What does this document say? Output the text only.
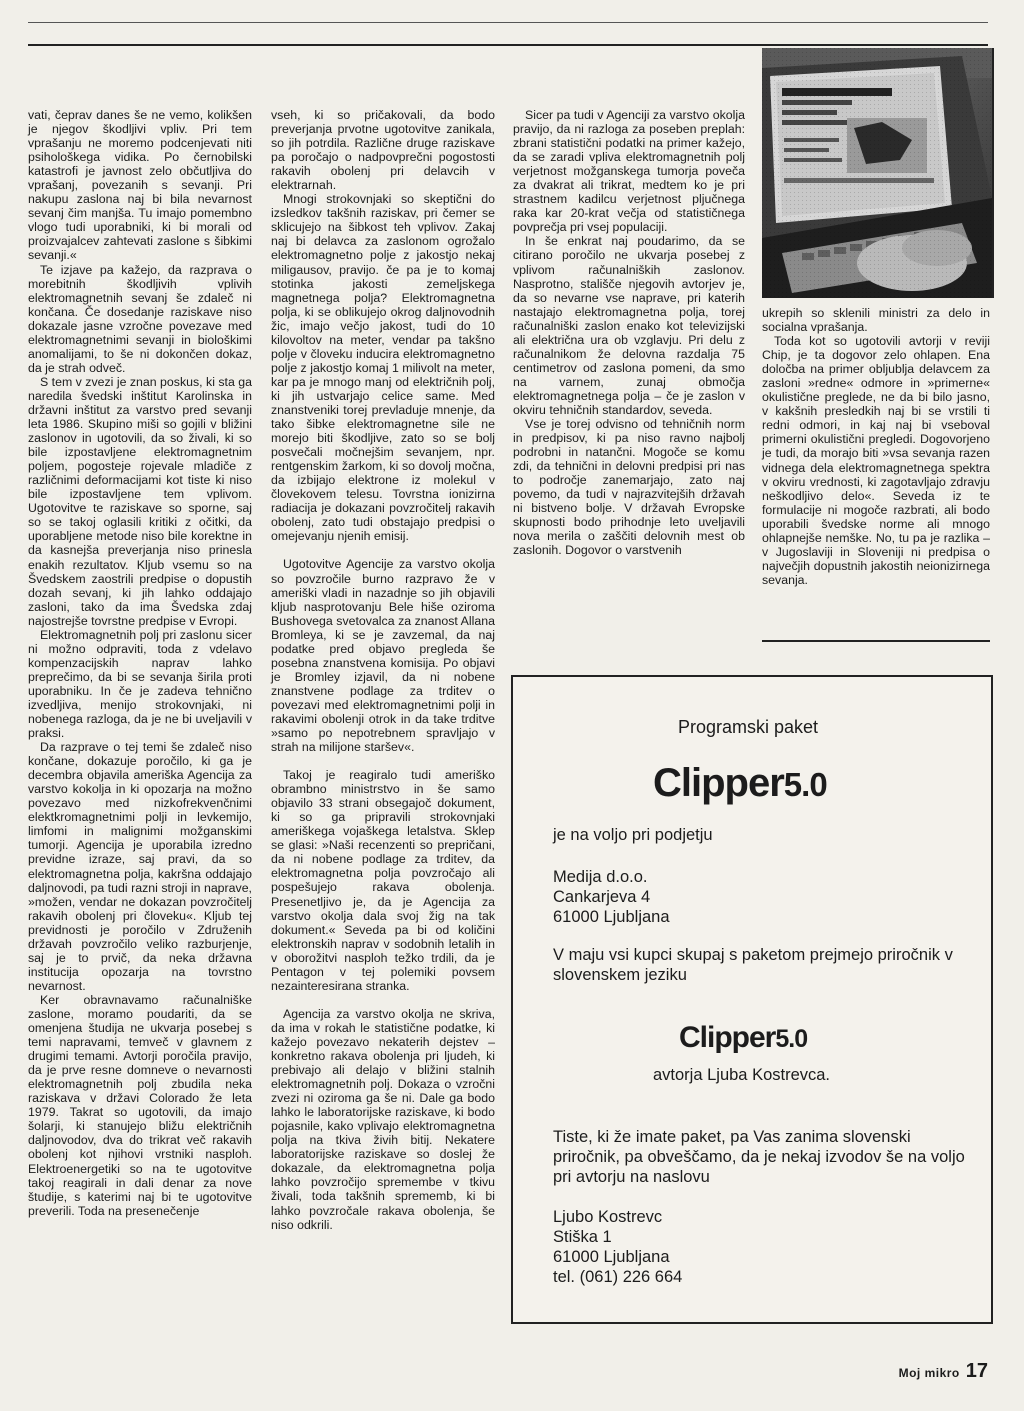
vati, čeprav danes še ne vemo, kolikšen je njegov škodljivi vpliv. Pri tem vprašanju ne moremo podcenjevati niti psihološkega vidika. Po černobilski katastrofi je javnost zelo občutljiva do vprašanj, povezanih s sevanji. Pri nakupu zaslona naj bi bila nevarnost sevanj čim manjša. Tu imajo pomembno vlogo tudi uporabniki, ki bi morali od proizvajalcev zahtevati zaslone s šibkimi sevanji.«

Te izjave pa kažejo, da razprava o morebitnih škodljivih vplivih elektromagnetnih sevanj še zdaleč ni končana. Če dosedanje raziskave niso dokazale jasne vzročne povezave med elektromagnetnimi sevanji in biološkimi anomalijami, to še ni dokončen dokaz, da je strah odveč.

S tem v zvezi je znan poskus, ki sta ga naredila švedski inštitut Karolinska in državni inštitut za varstvo pred sevanji leta 1986. Skupino miši so gojili v bližini zaslonov in ugotovili, da so živali, ki so bile izpostavljene elektromagnetnim poljem, pogosteje rojevale mladiče z različnimi deformacijami kot tiste ki niso bile izpostavljene tem vplivom. Ugotovitve te raziskave so sporne, saj so se takoj oglasili kritiki z očitki, da uporabljene metode niso bile korektne in da kasnejša preverjanja niso prinesla enakih rezultatov. Kljub vsemu so na Švedskem zaostrili predpise o dopustih dozah sevanj, ki jih lahko oddajajo zasloni, tako da ima Švedska zdaj najostrejše tovrstne predpise v Evropi.

Elektromagnetnih polj pri zaslonu sicer ni možno odpraviti, toda z vdelavo kompenzacijskih naprav lahko preprečimo, da bi se sevanja širila proti uporabniku. In če je zadeva tehnično izvedljiva, menijo strokovnjaki, ni nobenega razloga, da je ne bi uveljavili v praksi.

Da razprave o tej temi še zdaleč niso končane, dokazuje poročilo, ki ga je decembra objavila ameriška Agencija za varstvo kokolja in ki opozarja na možno povezavo med nizkofrekvenčnimi elektkromagnetnimi polji in levkemijo, limfomi in malignimi možganskimi tumorji. Agencija je uporabila izredno previdne izraze, saj pravi, da so elektromagnetna polja, kakršna oddajajo daljnovodi, pa tudi razni stroji in naprave, »možen, vendar ne dokazan povzročitelj rakavih obolenj pri človeku«. Kljub tej previdnosti je poročilo v Združenih državah povzročilo veliko razburjenje, saj je to prvič, da neka državna institucija opozarja na tovrstno nevarnost.

Ker obravnavamo računalniške zaslone, moramo poudariti, da se omenjena študija ne ukvarja posebej s temi napravami, temveč v glavnem z drugimi temami. Avtorji poročila pravijo, da je prve resne domneve o nevarnosti elektromagnetnih polj zbudila neka raziskava v državi Colorado že leta 1979. Takrat so ugotovili, da imajo šolarji, ki stanujejo bližu električnih daljnovodov, dva do trikrat več rakavih obolenj kot njihovi vrstniki nasploh. Elektroenergetiki so na te ugotovitve takoj reagirali in dali denar za nove študije, s katerimi naj bi te ugotovitve preverili. Toda na presenečenje

vseh, ki so pričakovali, da bodo preverjanja prvotne ugotovitve zanikala, so jih potrdila. Različne druge raziskave pa poročajo o nadpovprečni pogostosti rakavih obolenj pri delavcih v elektrarnah.

Mnogi strokovnjaki so skeptični do izsledkov takšnih raziskav, pri čemer se sklicujejo na šibkost teh vplivov. Zakaj naj bi delavca za zaslonom ogrožalo elektromagnetno polje z jakostjo nekaj miligausov, pravijo. če pa je to komaj stotinka jakosti zemeljskega magnetnega polja? Elektromagnetna polja, ki se oblikujejo okrog daljnovodnih žic, imajo večjo jakost, tudi do 10 kilovoltov na meter, vendar pa takšno polje v človeku inducira elektromagnetno polje z jakostjo komaj 1 milivolt na meter, kar pa je mnogo manj od električnih polj, ki jih ustvarjajo celice same. Med znanstveniki torej prevladuje mnenje, da tako šibke elektromagnetne sile ne morejo biti škodljive, zato so se bolj posvečali močnejšim sevanjem, npr. rentgenskim žarkom, ki so dovolj močna, da izbijajo elektrone iz molekul v človekovem telesu. Tovrstna ionizirna radiacija je dokazani povzročitelj rakavih obolenj, zato tudi obstajajo predpisi o omejevanju njenih emisij.

Ugotovitve Agencije za varstvo okolja so povzročile burno razpravo že v ameriški vladi in nazadnje so jih objavili kljub nasprotovanju Bele hiše oziroma Bushovega svetovalca za znanost Allana Bromleya, ki se je zavzemal, da naj podatke pred objavo pregleda še posebna znanstvena komisija. Po objavi je Bromley izjavil, da ni nobene znanstvene podlage za trditev o povezavi med elektromagnetnimi polji in rakavimi obolenji otrok in da take trditve »samo po nepotrebnem spravljajo v strah na milijone staršev«.

Takoj je reagiralo tudi ameriško obrambno ministrstvo in še samo objavilo 33 strani obsegajoč dokument, ki so ga pripravili strokovnjaki ameriškega vojaškega letalstva. Sklep se glasi: »Naši recenzenti so prepričani, da ni nobene podlage za trditev, da elektromagnetna polja povzročajo ali pospešujejo rakava obolenja. Presenetljivo je, da je Agencija za varstvo okolja dala svoj žig na tak dokument.« Seveda pa bi od količini elektronskih naprav v sodobnih letalih in v oborožitvi nasploh težko trdili, da je Pentagon v tej polemiki povsem nezainteresirana stranka.

Agencija za varstvo okolja ne skriva, da ima v rokah le statistične podatke, ki kažejo povezavo nekaterih dejstev – konkretno rakava obolenja pri ljudeh, ki prebivajo ali delajo v bližini stalnih elektromagnetnih polj. Dokaza o vzročni zvezi ni oziroma ga še ni. Dale ga bodo lahko le laboratorijske raziskave, ki bodo pojasnile, kako vplivajo elektromagnetna polja na tkiva živih bitij. Nekatere laboratorijske raziskave so dosleј že dokazale, da elektromagnetna polja lahko povzročijo spremembe v tkivu živali, toda takšnih sprememb, ki bi lahko povzročale rakava obolenja, še niso odkrili.

Sicer pa tudi v Agenciji za varstvo okolja pravijo, da ni razloga za poseben preplah: zbrani statistični podatki na primer kažejo, da se zaradi vpliva elektromagnetnih polj verjetnost možganskega tumorja poveča za dvakrat ali trikrat, medtem ko je pri strastnem kadilcu verjetnost pljučnega raka kar 20-krat večja od statističnega povprečja pri vsej populaciji.

In še enkrat naj poudarimo, da se citirano poročilo ne ukvarja posebej z vplivom računalniških zaslonov. Nasprotno, stališče njegovih avtorjev je, da so nevarne vse naprave, pri katerih nastajajo elektromagnetna polja, torej računalniški zaslon enako kot televizijski ali električna ura ob vzglavju. Pri delu z računalnikom že delovna razdalja 75 centimetrov od zaslona pomeni, da smo na varnem, zunaj območja elektromagnetnega polja – če je zaslon v okviru tehničnih standardov, seveda.

Vse je torej odvisno od tehničnih norm in predpisov, ki pa niso ravno najbolj podrobni in natančni. Mogoče se komu zdi, da tehnični in delovni predpisi pri nas to področje zanemarjajo, zato naj povemo, da tudi v najrazvitejših državah ni bistveno bolje. V državah Evropske skupnosti bodo prihodnje leto uveljavili nova merila o zaščiti delovnih mest ob zaslonih. Dogovor o varstvenih

ukrepih so sklenili ministri za delo in socialna vprašanja.

Toda kot so ugotovili avtorji v reviji Chip, je ta dogovor zelo ohlapen. Ena določba na primer obljublja delavcem za zasloni »redne« odmore in »primerne« okulistične preglede, ne da bi bilo jasno, v kakšnih presledkih naj bi se vrstili ti redni odmori, in kaj naj bi vseboval primerni okulistični pregledi. Dogovorjeno je tudi, da morajo biti »vsa sevanja razen vidnega dela elektromagnetnega spektra v okviru vrednosti, ki zagotavljajo zdravju neškodljivo delo«. Seveda iz te formulacije ni mogoče razbrati, ali bodo uporabili švedske norme ali mnogo ohlapnejše nemške. No, tu pa je razlika – v Jugoslaviji in Sloveniji ni predpisa o največjih dopustnih jakostih neionizirnega sevanja.

Programski paket
Clipper5.0
je na volјo pri podjetju
Medija d.o.o.
Cankarjeva 4
61000 Ljubljana
V maju vsi kupci skupaj s paketom prejmejo priročnik v
slovenskem jeziku
Clipper5.0
avtorja Ljuba Kostrevca.
Tiste, ki že imate paket, pa Vas zanima slovenski
priročnik, pa obveščamo, da je nekaj izvodov še na voljo
pri avtorju na naslovu
Ljubo Kostrevc
Stiška 1
61000 Ljubljana
tel. (061) 226 664
Moj mikro 17
